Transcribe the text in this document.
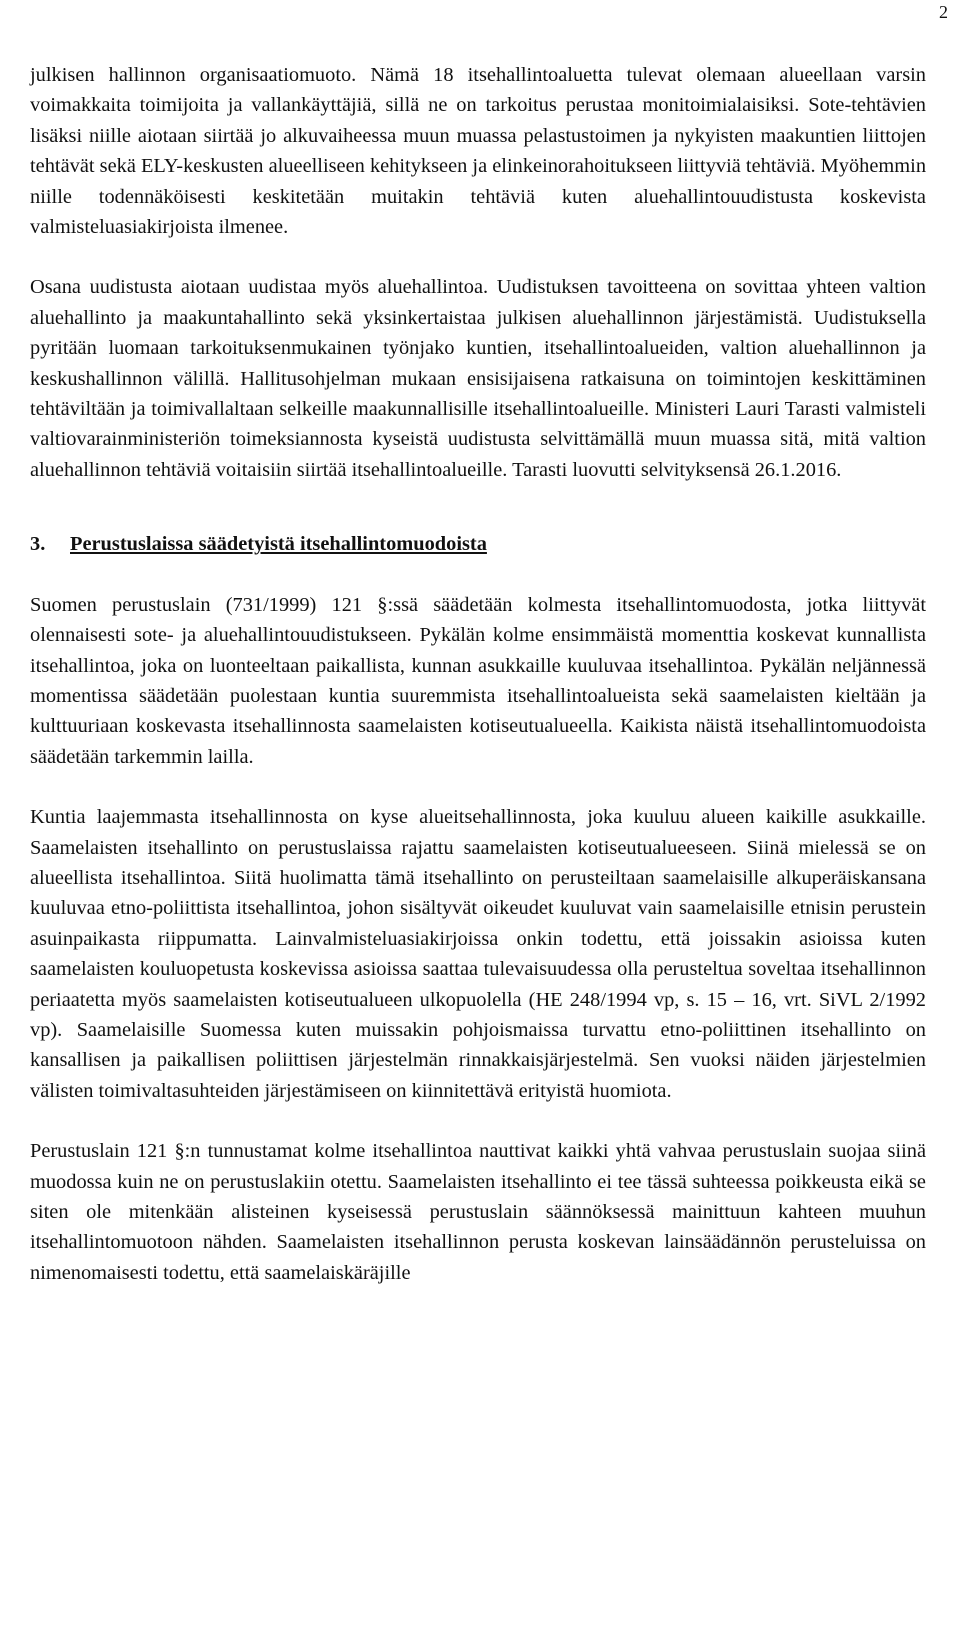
2

julkisen hallinnon organisaatiomuoto. Nämä 18 itsehallintoaluetta tulevat olemaan alueellaan varsin voimakkaita toimijoita ja vallankäyttäjiä, sillä ne on tarkoitus perustaa monitoimialaisiksi. Sote-tehtävien lisäksi niille aiotaan siirtää jo alkuvaiheessa muun muassa pelastustoimen ja nykyisten maakuntien liittojen tehtävät sekä ELY-keskusten alueelliseen kehitykseen ja elinkeinorahoitukseen liittyviä tehtäviä. Myöhemmin niille todennäköisesti keskitetään muitakin tehtäviä kuten aluehallintouudistusta koskevista valmisteluasiakirjoista ilmenee.

Osana uudistusta aiotaan uudistaa myös aluehallintoa. Uudistuksen tavoitteena on sovittaa yhteen valtion aluehallinto ja maakuntahallinto sekä yksinkertaistaa julkisen aluehallinnon järjestämistä. Uudistuksella pyritään luomaan tarkoituksenmukainen työnjako kuntien, itsehallintoalueiden, valtion aluehallinnon ja keskushallinnon välillä. Hallitusohjelman mukaan ensisijaisena ratkaisuna on toimintojen keskittäminen tehtäviltään ja toimivallaltaan selkeille maakunnallisille itsehallintoalueille. Ministeri Lauri Tarasti valmisteli valtiovarainministeriön toimeksiannosta kyseistä uudistusta selvittämällä muun muassa sitä, mitä valtion aluehallinnon tehtäviä voitaisiin siirtää itsehallintoalueille. Tarasti luovutti selvityksensä 26.1.2016.

3. Perustuslaissa säädetyistä itsehallintomuodoista

Suomen perustuslain (731/1999) 121 §:ssä säädetään kolmesta itsehallintomuodosta, jotka liittyvät olennaisesti sote- ja aluehallintouudistukseen. Pykälän kolme ensimmäistä momenttia koskevat kunnallista itsehallintoa, joka on luonteeltaan paikallista, kunnan asukkaille kuuluvaa itsehallintoa. Pykälän neljännessä momentissa säädetään puolestaan kuntia suuremmista itsehallintoalueista sekä saamelaisten kieltään ja kulttuuriaan koskevasta itsehallinnosta saamelaisten kotiseutualueella. Kaikista näistä itsehallintomuodoista säädetään tarkemmin lailla.

Kuntia laajemmasta itsehallinnosta on kyse alueitsehallinnosta, joka kuuluu alueen kaikille asukkaille. Saamelaisten itsehallinto on perustuslaissa rajattu saamelaisten kotiseutualueeseen. Siinä mielessä se on alueellista itsehallintoa. Siitä huolimatta tämä itsehallinto on perusteiltaan saamelaisille alkuperäiskansana kuuluvaa etno-poliittista itsehallintoa, johon sisältyvät oikeudet kuuluvat vain saamelaisille etnisin perustein asuinpaikasta riippumatta. Lainvalmisteluasiakirjoissa onkin todettu, että joissakin asioissa kuten saamelaisten kouluopetusta koskevissa asioissa saattaa tulevaisuudessa olla perusteltua soveltaa itsehallinnon periaatetta myös saamelaisten kotiseutualueen ulkopuolella (HE 248/1994 vp, s. 15 – 16, vrt. SiVL 2/1992 vp). Saamelaisille Suomessa kuten muissakin pohjoismaissa turvattu etno-poliittinen itsehallinto on kansallisen ja paikallisen poliittisen järjestelmän rinnakkaisjärjestelmä. Sen vuoksi näiden järjestelmien välisten toimivaltasuhteiden järjestämiseen on kiinnitettävä erityistä huomiota.

Perustuslain 121 §:n tunnustamat kolme itsehallintoa nauttivat kaikki yhtä vahvaa perustuslain suojaa siinä muodossa kuin ne on perustuslakiin otettu. Saamelaisten itsehallinto ei tee tässä suhteessa poikkeusta eikä se siten ole mitenkään alisteinen kyseisessä perustuslain säännöksessä mainittuun kahteen muuhun itsehallintomuotoon nähden. Saamelaisten itsehallinnon perusta koskevan lainsäädännön perusteluissa on nimenomaisesti todettu, että saamelaiskäräjille
